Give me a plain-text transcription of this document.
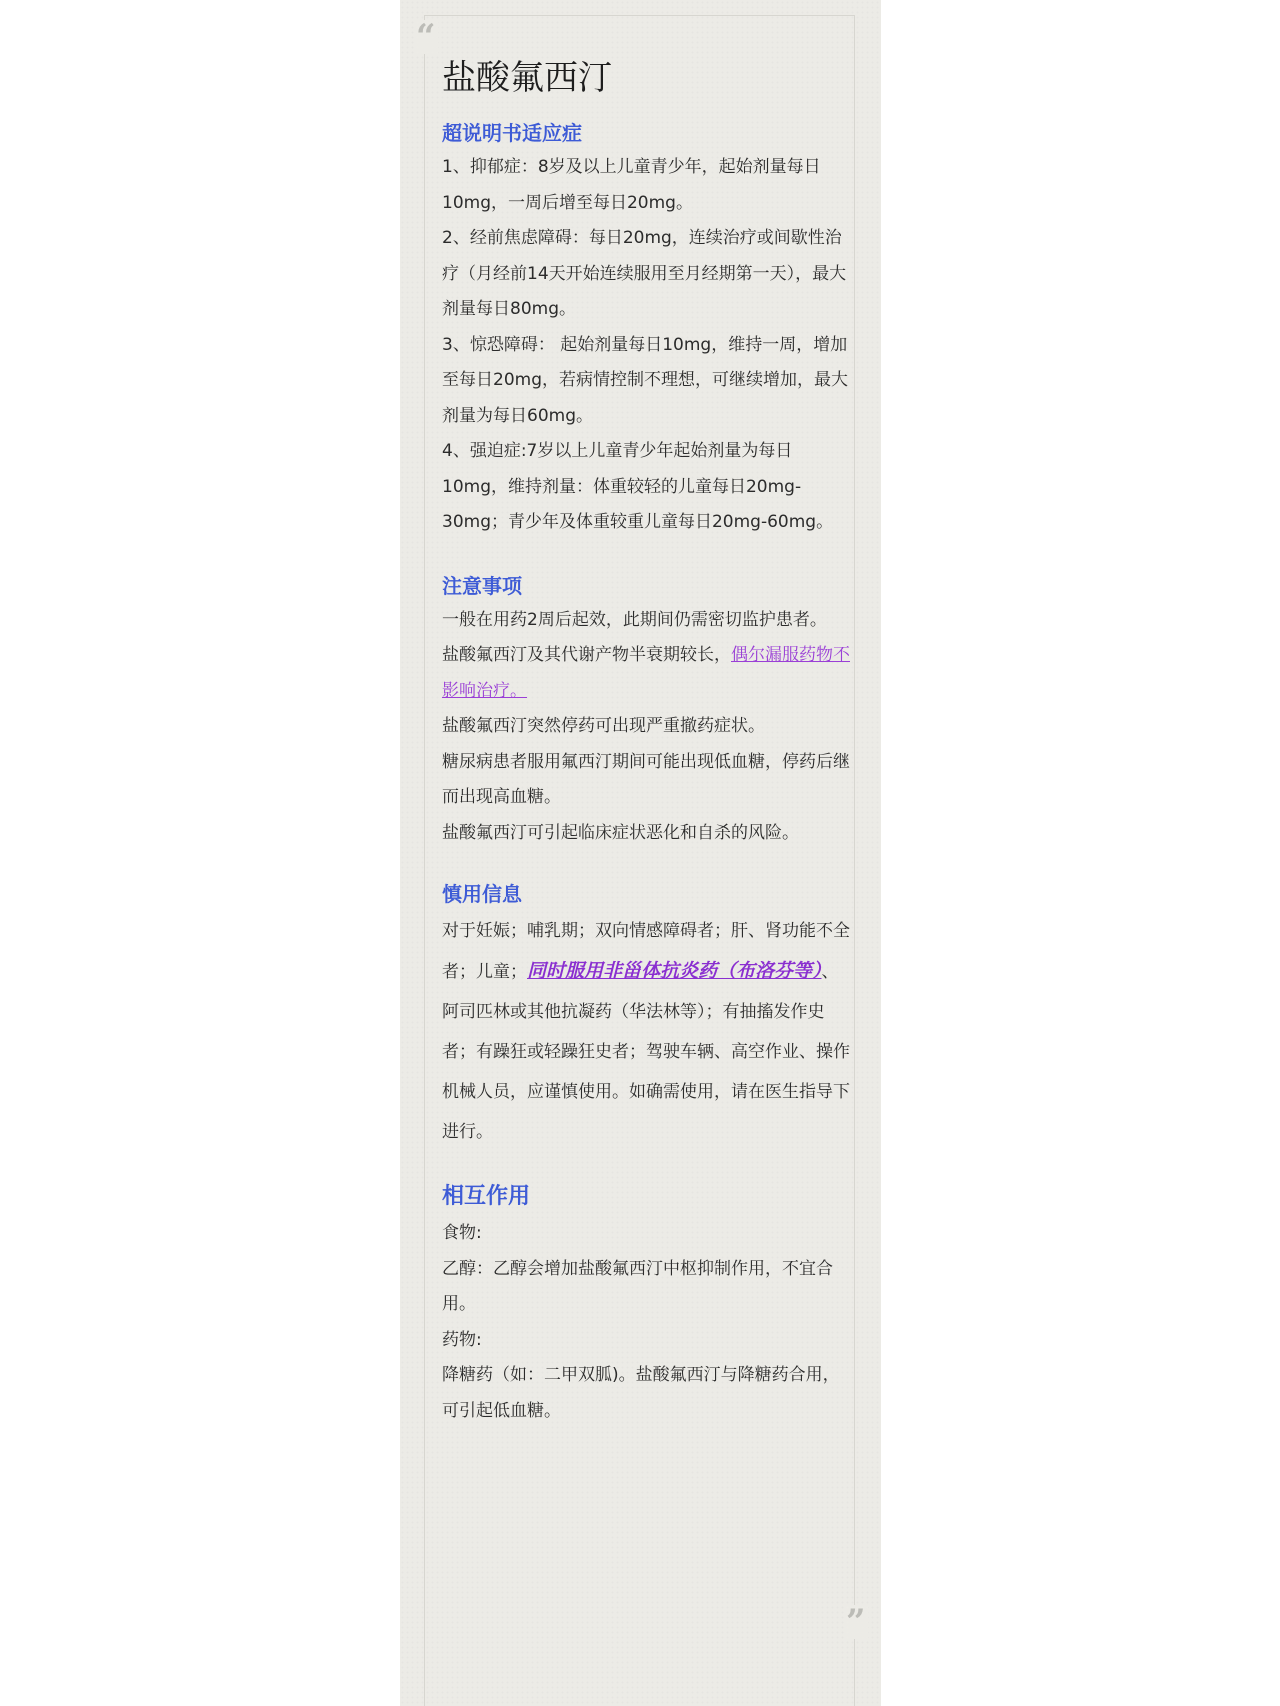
“
”
盐酸氟西汀
超说明书适应症

1、抑郁症：8岁及以上儿童青少年，起始剂量每日10mg，一周后增至每日20mg。

2、经前焦虑障碍：每日20mg，连续治疗或间歇性治疗（月经前14天开始连续服用至月经期第一天），最大剂量每日80mg。

3、惊恐障碍： 起始剂量每日10mg，维持一周，增加至每日20mg，若病情控制不理想，可继续增加，最大剂量为每日60mg。

4、强迫症:7岁以上儿童青少年起始剂量为每日10mg，维持剂量：体重较轻的儿童每日20mg-30mg；青少年及体重较重儿童每日20mg-60mg。

注意事项

一般在用药2周后起效，此期间仍需密切监护患者。

盐酸氟西汀及其代谢产物半衰期较长，偶尔漏服药物不影响治疗。

盐酸氟西汀突然停药可出现严重撤药症状。

糖尿病患者服用氟西汀期间可能出现低血糖，停药后继而出现高血糖。

盐酸氟西汀可引起临床症状恶化和自杀的风险。

慎用信息

对于妊娠；哺乳期；双向情感障碍者；肝、肾功能不全者；儿童；同时服用非甾体抗炎药（布洛芬等）、阿司匹林或其他抗凝药（华法林等）；有抽搐发作史者；有躁狂或轻躁狂史者；驾驶车辆、高空作业、操作机械人员，应谨慎使用。如确需使用，请在医生指导下进行。

相互作用

食物:

乙醇：乙醇会增加盐酸氟西汀中枢抑制作用，不宜合用。

药物:

降糖药（如：二甲双胍)。盐酸氟西汀与降糖药合用，可引起低血糖。
